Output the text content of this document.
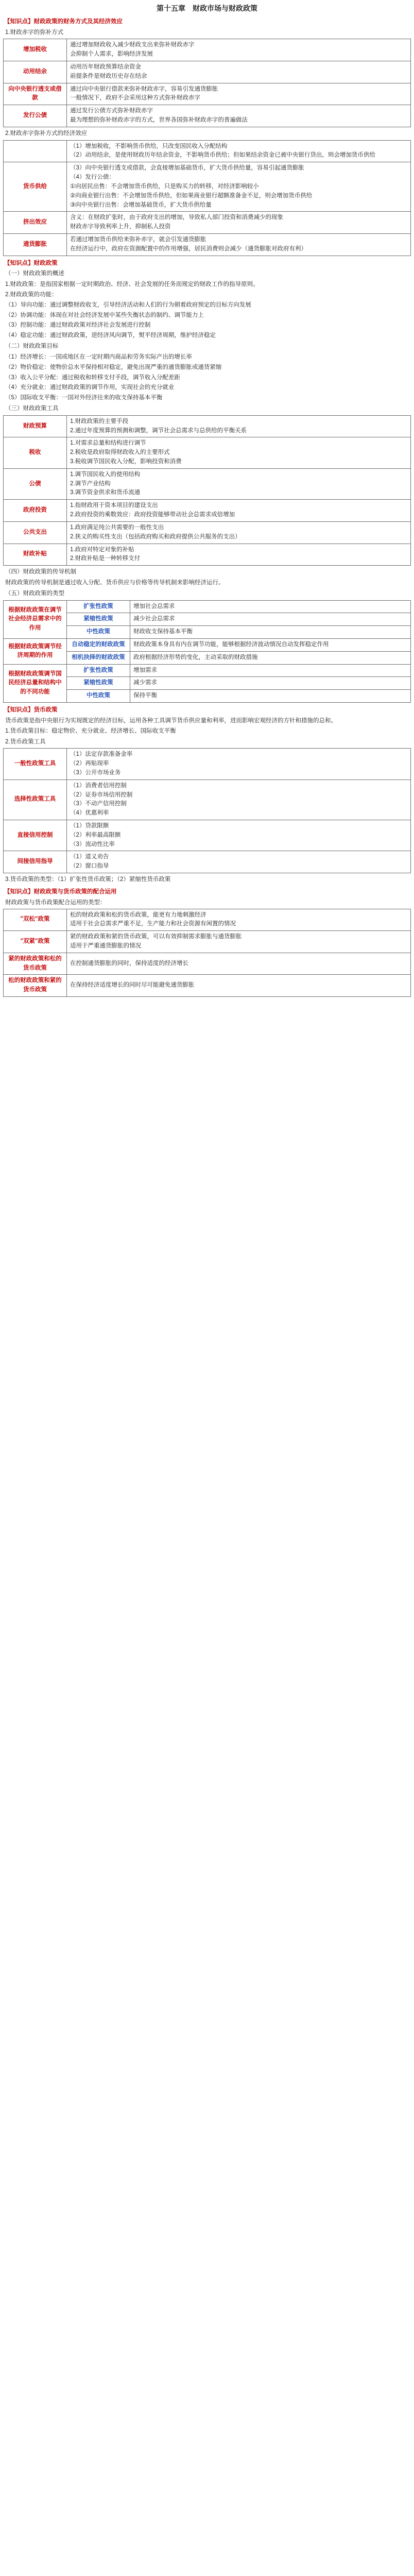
第十五章　财政市场与财政政策
【知识点】财政政策的财务方式及其经济效应
1.财政赤字的弥补方式
增加税收	通过增加财政收入减少财政支出来弥补财政赤字
会抑制个人需求，影响经济发展

动用结余	动用历年财政预算结余资金
前提条件是财政历史存在结余

向中央银行透支或借款	通过向中央银行借款来弥补财政赤字，容易引发通货膨胀
一般情况下，政府不会采用这种方式弥补财政赤字

发行公债	通过发行公债方式弥补财政赤字
最为理想的弥补财政赤字的方式，世界各国弥补财政赤字的普遍做法
2.财政赤字弥补方式的经济效应

	（1）增加税收，不影响货币供给，只改变国民收入分配结构
（2）动用结余，是使用财政历年结余资金，不影响货币供给；但如果结余资金已被中央银行贷出，则会增加货币供给

货币供给	（3）向中央银行透支或借款，会直接增加基础货币，扩大货币供给量，容易引起通货膨胀
（4）发行公债：
①向居民出售：不会增加货币供给，只是购买力的转移，对经济影响较小
②向商业银行出售：不会增加货币供给，但如果商业银行超额准备金不足，则会增加货币供给
③向中央银行出售：会增加基础货币，扩大货币供给量

挤出效应	含义：在财政扩张时，由于政府支出的增加，导致私人部门投资和消费减少的现象
财政赤字导致利率上升，抑制私人投资

通货膨胀	若通过增加货币供给来弥补赤字，就会引发通货膨胀
在经济运行中，政府在资源配置中的作用增强，居民消费则会减少（通货膨胀对政府有利）
【知识点】财政政策
（一）财政政策的概述
1.财政政策：是指国家根据一定时期政治、经济、社会发展的任务而规定的财政工作的指导原则。
2.财政政策的功能：
（1）导向功能：通过调整财政收支，引导经济活动和人们的行为朝着政府预定的目标方向发展
（2）协调功能：体现在对社会经济发展中某些失衡状态的制约、调节能力上
（3）控制功能：通过财政政策对经济社会发展进行控制
（4）稳定功能：通过财政政策，逆经济风向调节，熨平经济周期，维护经济稳定
（二）财政政策目标
（1）经济增长：一国或地区在一定时期内商品和劳务实际产出的增长率
（2）物价稳定：使物价总水平保持相对稳定，避免出现严重的通货膨胀或通货紧缩
（3）收入公平分配：通过税收和转移支付手段，调节收入分配差距
（4）充分就业：通过财政政策的调节作用，实现社会的充分就业
（5）国际收支平衡：一国对外经济往来的收支保持基本平衡
（三）财政政策工具
财政预算	1.财政政策的主要手段
2.通过年度预算的预测和调整，调节社会总需求与总供给的平衡关系

税收	1.对需求总量和结构进行调节
2.税收是政府取得财政收入的主要形式
3.税收调节国民收入分配，影响投资和消费

公债	1.调节国民收入的使用结构
2.调节产业结构
3.调节资金供求和货币流通

政府投资	1.指财政用于资本项目的建设支出
2.政府投资的乘数效应：政府投资能够带动社会总需求成倍增加

公共支出	1.政府满足纯公共需要的一般性支出
2.狭义的购买性支出（包括政府购买和政府提供公共服务的支出）

财政补贴	1.政府对特定对象的补贴
2.财政补贴是一种转移支付
（四）财政政策的传导机制
财政政策的传导机制是通过收入分配、货币供应与价格等传导机制来影响经济运行。
（五）财政政策的类型
根据财政政策在调节社会经济总需求中的作用	扩张性政策	增加社会总需求
	紧缩性政策	减少社会总需求
	中性政策	财政收支保持基本平衡
根据财政政策调节经济周期的作用	自动稳定的财政政策	财政政策本身具有内在调节功能，能够根据经济波动情况自动发挥稳定作用
	相机抉择的财政政策	政府根据经济形势的变化，主动采取的财政措施
根据财政政策调节国民经济总量和结构中的不同功能	扩张性政策	增加需求
	紧缩性政策	减少需求
	中性政策	保持平衡
【知识点】货币政策
货币政策是指中央银行为实现既定的经济目标，运用各种工具调节货币供应量和利率，进而影响宏观经济的方针和措施的总和。
1.货币政策目标：稳定物价、充分就业、经济增长、国际收支平衡
2.货币政策工具
一般性政策工具	（1）法定存款准备金率
（2）再贴现率
（3）公开市场业务

选择性政策工具	（1）消费者信用控制
（2）证券市场信用控制
（3）不动产信用控制
（4）优惠利率

直接信用控制	（1）贷款限额
（2）利率最高限额
（3）流动性比率

间接信用指导	（1）道义劝告
（2）窗口指导
3.货币政策的类型：（1）扩张性货币政策；（2）紧缩性货币政策
【知识点】财政政策与货币政策的配合运用
财政政策与货币政策配合运用的类型：
"双松"政策	松的财政政策和松的货币政策，能更有力地刺激经济
适用于社会总需求严重不足，生产能力和社会资源有闲置的情况

"双紧"政策	紧的财政政策和紧的货币政策，可以有效抑制需求膨胀与通货膨胀
适用于严重通货膨胀的情况

紧的财政政策和松的货币政策	在控制通货膨胀的同时，保持适度的经济增长

松的财政政策和紧的货币政策	在保持经济适度增长的同时尽可能避免通货膨胀
